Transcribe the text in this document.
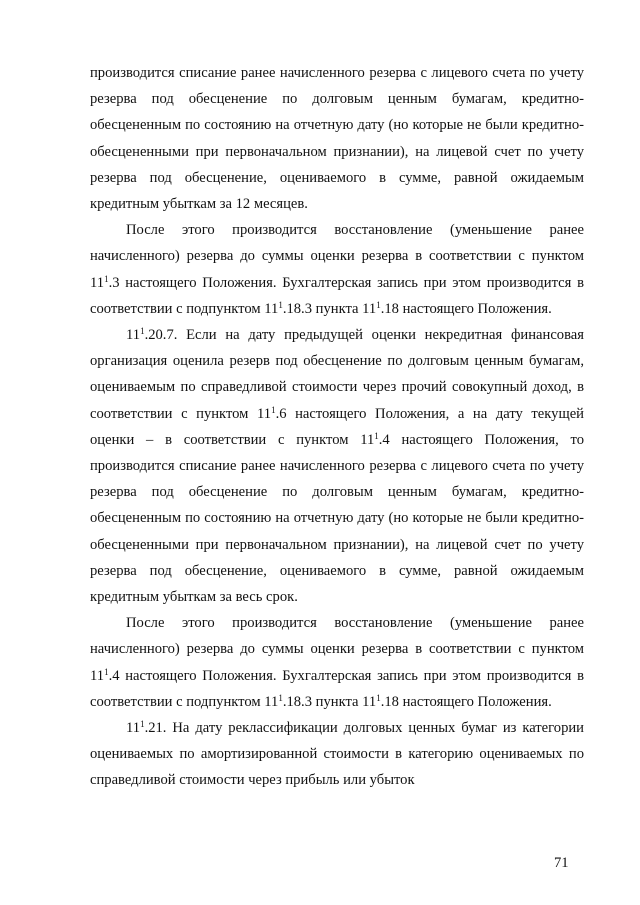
производится списание ранее начисленного резерва с лицевого счета по учету резерва под обесценение по долговым ценным бумагам, кредитно-обесцененным по состоянию на отчетную дату (но которые не были кредитно-обесцененными при первоначальном признании), на лицевой счет по учету резерва под обесценение, оцениваемого в сумме, равной ожидаемым кредитным убыткам за 12 месяцев.

После этого производится восстановление (уменьшение ранее начисленного) резерва до суммы оценки резерва в соответствии с пунктом $11^1.3$ настоящего Положения. Бухгалтерская запись при этом производится в соответствии с подпунктом $11^1.18.3$ пункта $11^1.18$ настоящего Положения.

$11^1.20.7$. Если на дату предыдущей оценки некредитная финансовая организация оценила резерв под обесценение по долговым ценным бумагам, оцениваемым по справедливой стоимости через прочий совокупный доход, в соответствии с пунктом $11^1.6$ настоящего Положения, а на дату текущей оценки – в соответствии с пунктом $11^1.4$ настоящего Положения, то производится списание ранее начисленного резерва с лицевого счета по учету резерва под обесценение по долговым ценным бумагам, кредитно-обесцененным по состоянию на отчетную дату (но которые не были кредитно-обесцененными при первоначальном признании), на лицевой счет по учету резерва под обесценение, оцениваемого в сумме, равной ожидаемым кредитным убыткам за весь срок.

После этого производится восстановление (уменьшение ранее начисленного) резерва до суммы оценки резерва в соответствии с пунктом $11^1.4$ настоящего Положения. Бухгалтерская запись при этом производится в соответствии с подпунктом $11^1.18.3$ пункта $11^1.18$ настоящего Положения.

$11^1.21$. На дату реклассификации долговых ценных бумаг из категории оцениваемых по амортизированной стоимости в категорию оцениваемых по справедливой стоимости через прибыль или убыток

71
